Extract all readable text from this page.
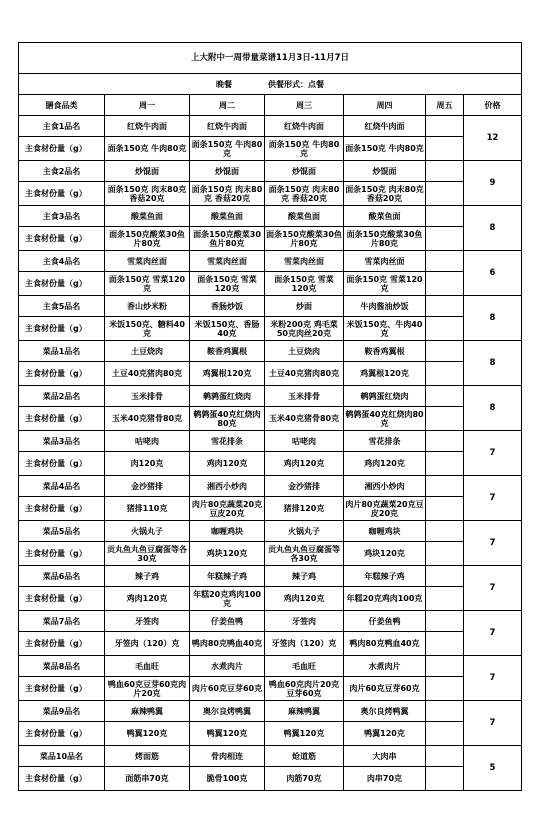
上大附中一周带量菜谱11月3日-11月7日						
晚餐 供餐形式：点餐						
膳食品类	周一	周二	周三	周四	周五	价格
主食1品名	红烧牛肉面	红烧牛肉面	红烧牛肉面	红烧牛肉面		12
主食材份量（g）	面条150克 牛肉80克	面条150克 牛肉80克	面条150克 牛肉80克	面条150克 牛肉80克		
主食2品名	炒馄面	炒馄面	炒馄面	炒馄面		9
主食材份量（g）	面条150克 肉末80克 香菇20克	面条150克 肉末80克 香菇20克	面条150克 肉末80克 香菇20克	面条150克 肉末80克 香菇20克		
主食3品名	酸菜鱼面	酸菜鱼面	酸菜鱼面	酸菜鱼面		8
主食材份量（g）	面条150克酸菜30鱼片80克	面条150克酸菜30鱼片80克	面条150克酸菜30鱼片80克	面条150克酸菜30鱼片80克		
主食4品名	雪菜肉丝面	雪菜肉丝面	雪菜肉丝面	雪菜肉丝面		6
主食材份量（g）	面条150克 雪菜120克	面条150克 雪菜120克	面条150克 雪菜120克	面条150克 雪菜120克		
主食5品名	香山炒米粉	香肠炒饭	炒面	牛肉酱油炒饭		8
主食材份量（g）	米饭150克、糖料40克	米饭150克、香肠40克	米粉200克 鸡毛菜50克肉丝20克	米饭150克、牛肉40克		
菜品1品名	土豆烧肉	鞍香鸡翼根	土豆烧肉	鞍香鸡翼根		8
主食材份量（g）	土豆40克猪肉80克	鸡翼根120克	土豆40克猪肉80克	鸡翼根120克		
菜品2品名	玉米排骨	鹌鹑蛋红烧肉	玉米排骨	鹌鹑蛋红烧肉		8
主食材份量（g）	玉米40克猪骨80克	鹌鹑蛋40克红烧肉80克	玉米40克猪骨80克	鹌鹑蛋40克红烧肉80克		
菜品3品名	咕咾肉	雪花排条	咕咾肉	雪花排条		7
主食材份量（g）	肉120克	鸡肉120克	鸡肉120克	鸡肉120克		
菜品4品名	金沙猪排	湘西小炒肉	金沙猪排	湘西小炒肉		7
主食材份量（g）	猪排110克	肉片80克蔬菜20克豆皮20克	猪排120克	肉片80克蔬菜20克豆皮20克		
菜品5品名	火锅丸子	咖喱鸡块	火锅丸子	咖喱鸡块		7
主食材份量（g）	贡丸鱼丸鱼豆腐蛋等各30克	鸡块120克	贡丸鱼丸鱼豆腐蛋等各30克	鸡块120克		
菜品6品名	辣子鸡	年糕辣子鸡	辣子鸡	年糕辣子鸡		7
主食材份量（g）	鸡肉120克	年糕20克鸡肉100克	鸡肉120克	年糕20克鸡肉100克		
菜品7品名	牙签肉	仔姜鱼鸭	牙签肉	仔姜鱼鸭		7
主食材份量（g）	牙签肉（120）克	鸭肉80克鸭血40克	牙签肉（120）克	鸭肉80克鸭血40克		
菜品8品名	毛血旺	水煮肉片	毛血旺	水煮肉片		7
主食材份量（g）	鸭血60克豆芽60克肉片20克	肉片60克豆芽60克	鸭血60克肉片20克豆芽60克	肉片60克豆芽60克		
菜品9品名	麻辣鸭翼	奥尔良烤鸭翼	麻辣鸭翼	奥尔良烤鸭翼		7
主食材份量（g）	鸭翼120克	鸭翼120克	鸭翼120克	鸭翼120克		
菜品10品名	烤面筋	骨肉相连	炝道筋	大肉串		5
主食材份量（g）	面筋串70克	脆骨100克	肉筋70克	肉串70克		
